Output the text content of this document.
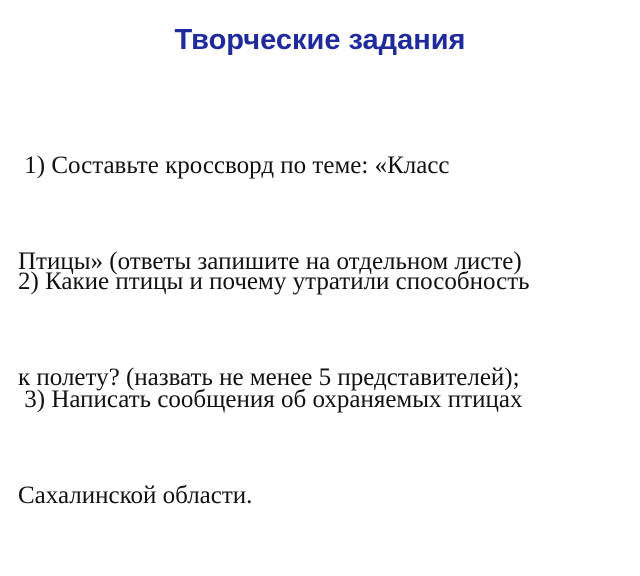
Творческие задания

1) Составьте кроссворд по теме: «Класс

Птицы» (ответы запишите на отдельном листе)

2) Какие птицы и почему утратили способность

к полету? (назвать не менее 5 представителей);

3) Написать сообщения об охраняемых птицах

Сахалинской области.
